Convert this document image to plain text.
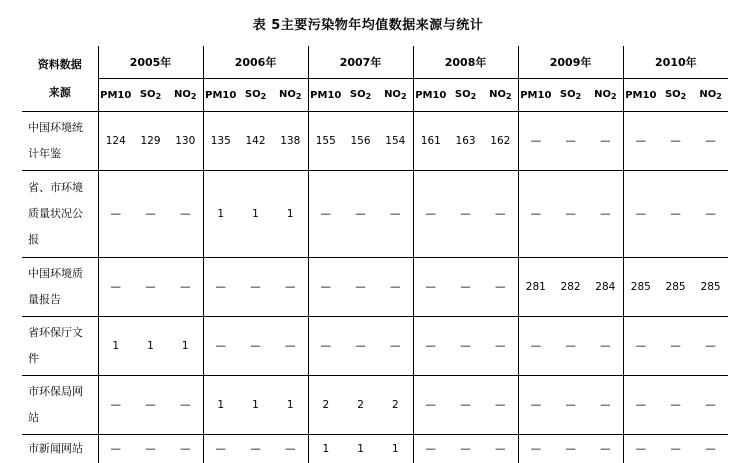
表 5主要污染物年均值数据来源与统计
资料数据
来源	2005年			2006年			2007年			2008年			2009年			2010年		
	PM10	$SO_2$	$NO_2$	PM10	$SO_2$	$NO_2$	PM10	$SO_2$	$NO_2$	PM10	$SO_2$	$NO_2$	PM10	$SO_2$	$NO_2$	PM10	$SO_2$	$NO_2$

中国环境统
计年鉴	124	129	130	135	142	138	155	156	154	161	163	162	—	—	—	—	—	—

省、市环境
质量状况公
报	—	—	—	1	1	1	—	—	—	—	—	—	—	—	—	—	—	—

中国环境质
量报告	—	—	—	—	—	—	—	—	—	—	—	—	281	282	284	285	285	285

省环保厅文
件	1	1	1	—	—	—	—	—	—	—	—	—	—	—	—	—	—	—

市环保局网
站	—	—	—	1	1	1	2	2	2	—	—	—	—	—	—	—	—	—

市新闻网站	—	—	—	—	—	—	1	1	1	—	—	—	—	—	—	—	—	—
